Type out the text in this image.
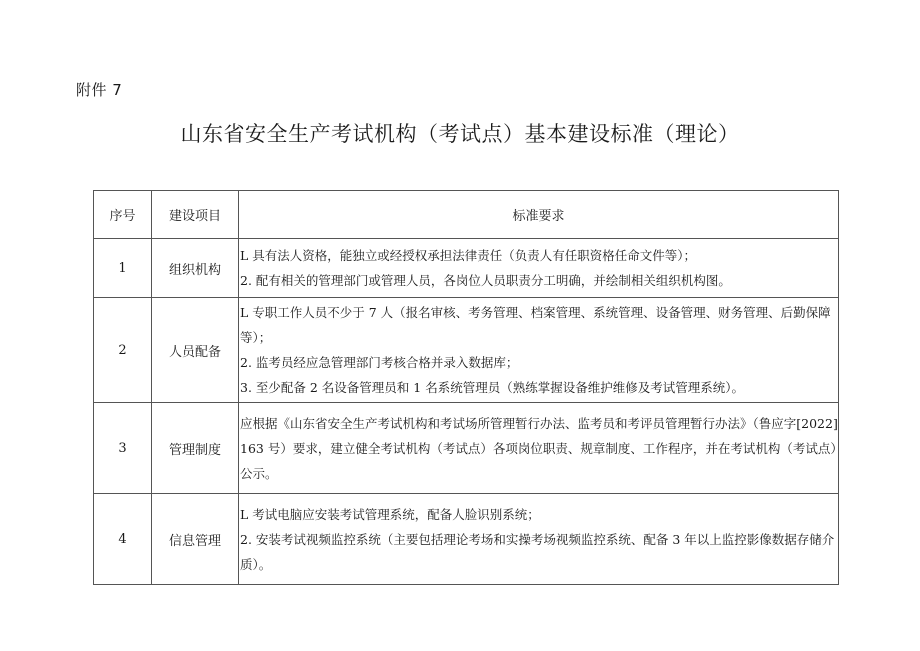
附件 7
山东省安全生产考试机构（考试点）基本建设标准（理论）
序号	建设项目	标准要求
1	组织机构	L 具有法人资格，能独立或经授权承担法律责任（负责人有任职资格任命文件等）；
2. 配有相关的管理部门或管理人员，各岗位人员职责分工明确，并绘制相关组织机构图。

2	人员配备	L 专职工作人员不少于 7 人（报名审核、考务管理、档案管理、系统管理、设备管理、财务管理、后勤保障等）；
2. 监考员经应急管理部门考核合格并录入数据库；
3. 至少配备 2 名设备管理员和 1 名系统管理员（熟练掌握设备维护维修及考试管理系统）。

3	管理制度	应根据《山东省安全生产考试机构和考试场所管理暂行办法、监考员和考评员管理暂行办法》（鲁应字[2022]163 号）要求，建立健全考试机构（考试点）各项岗位职责、规章制度、工作程序，并在考试机构（考试点）公示。

4	信息管理	L 考试电脑应安装考试管理系统，配备人脸识别系统；
2. 安装考试视频监控系统（主要包括理论考场和实操考场视频监控系统、配备 3 年以上监控影像数据存储介质）。
